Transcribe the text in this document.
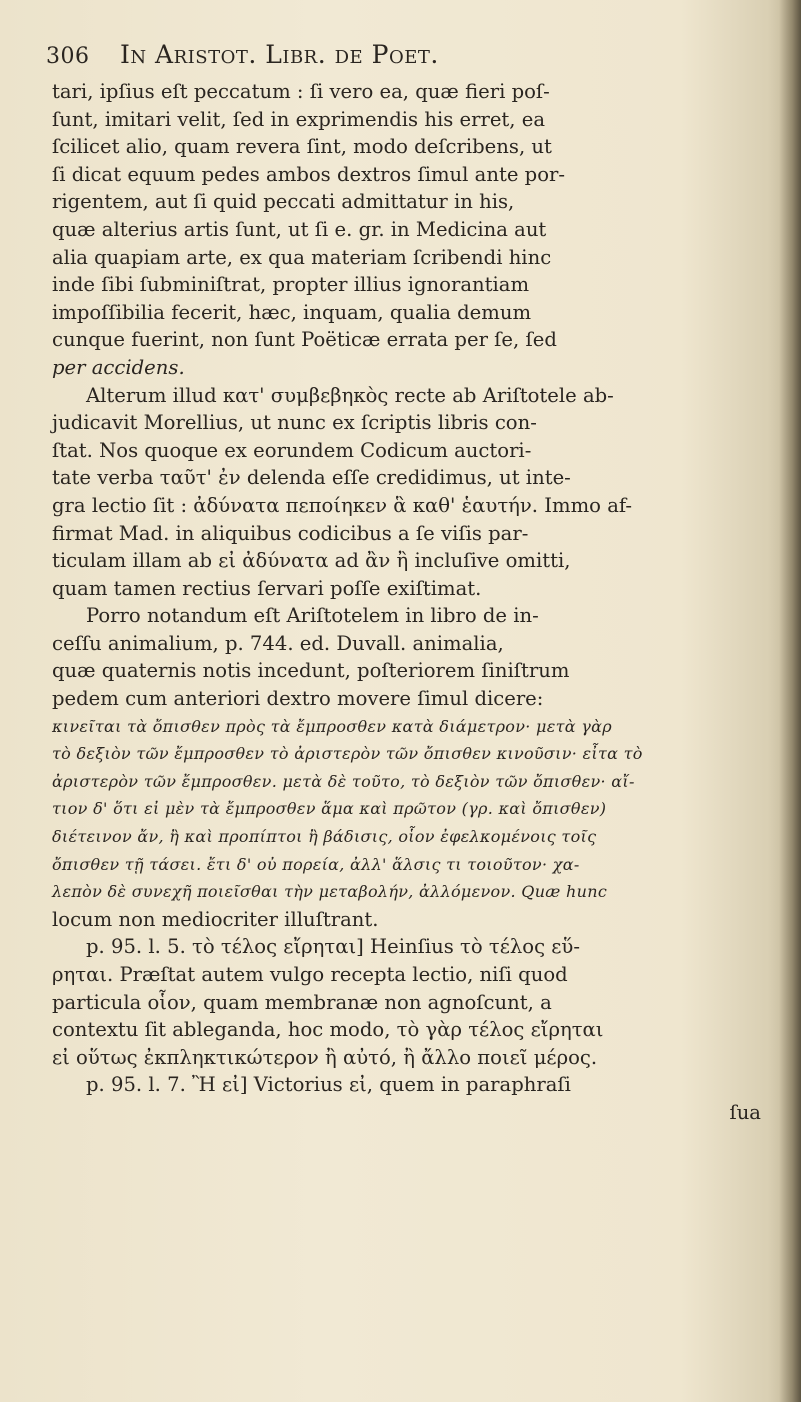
306 In Aristot. Libr. de Poet.
tari, ipſius eſt peccatum : ſi vero ea, quæ fieri poſ-
ſunt, imitari velit, ſed in exprimendis his erret, ea
ſcilicet alio, quam revera ſint, modo deſcribens, ut
ſi dicat equum pedes ambos dextros ſimul ante por-
rigentem, aut ſi quid peccati admittatur in his,
quæ alterius artis ſunt, ut ſi e. gr. in Medicina aut
alia quapiam arte, ex qua materiam ſcribendi hinc
inde ſibi ſubminiſtrat, propter illius ignorantiam
impoſſibilia fecerit, hæc, inquam, qualia demum
cunque fuerint, non ſunt Poëticæ errata per ſe, ſed
per accidens.
Alterum illud κατ' συμβεβηκὸς recte ab Ariſtotele ab-
judicavit Morellius, ut nunc ex ſcriptis libris con-
ſtat. Nos quoque ex eorundem Codicum auctori-
tate verba ταῦτ' ἐν delenda eſſe credidimus, ut inte-
gra lectio ſit : ἀδύνατα πεποίηκεν ἃ καθ' ἑαυτήν. Immo af-
firmat Mad. in aliquibus codicibus a ſe viſis par-
ticulam illam ab εἰ ἀδύνατα ad ἂν ἢ incluſive omitti,
quam tamen rectius ſervari poſſe exiſtimat.
Porro notandum eſt Ariſtotelem in libro de in-
ceſſu animalium, p. 744. ed. Duvall. animalia,
quæ quaternis notis incedunt, poſteriorem ſiniſtrum
pedem cum anteriori dextro movere ſimul dicere:
κινεῖται τὰ ὄπισθεν πρὸς τὰ ἔμπροσθεν κατὰ διάμετρον· μετὰ γὰρ
τὸ δεξιὸν τῶν ἔμπροσθεν τὸ ἀριστερὸν τῶν ὄπισθεν κινοῦσιν· εἶτα τὸ
ἀριστερὸν τῶν ἔμπροσθεν. μετὰ δὲ τοῦτο, τὸ δεξιὸν τῶν ὄπισθεν· αἴ-
τιον δ' ὅτι εἰ μὲν τὰ ἔμπροσθεν ἅμα καὶ πρῶτον (γρ. καὶ ὄπισθεν)
διέτεινον ἄν, ἢ καὶ προπίπτοι ἢ βάδισις, οἷον ἐφελκομένοις τοῖς
ὄπισθεν τῇ τάσει. ἔτι δ' οὐ πορεία, ἀλλ' ἅλσις τι τοιοῦτον· χα-
λεπὸν δὲ συνεχῆ ποιεῖσθαι τὴν μεταβολήν, ἀλλόμενον. Quæ hunc
locum non mediocriter illuſtrant.
p. 95. l. 5. τὸ τέλος εἴρηται] Heinſius τὸ τέλος εὕ-
ρηται. Præſtat autem vulgo recepta lectio, niſi quod
particula οἷον, quam membranæ non agnoſcunt, a
contextu ſit ableganda, hoc modo, τὸ γὰρ τέλος εἴρηται
εἰ οὕτως ἐκπληκτικώτερον ἢ αὐτό, ἢ ἄλλο ποιεῖ μέρος.
p. 95. l. 7. Ἢ εἰ] Victorius εἰ, quem in paraphraſi
ſua
